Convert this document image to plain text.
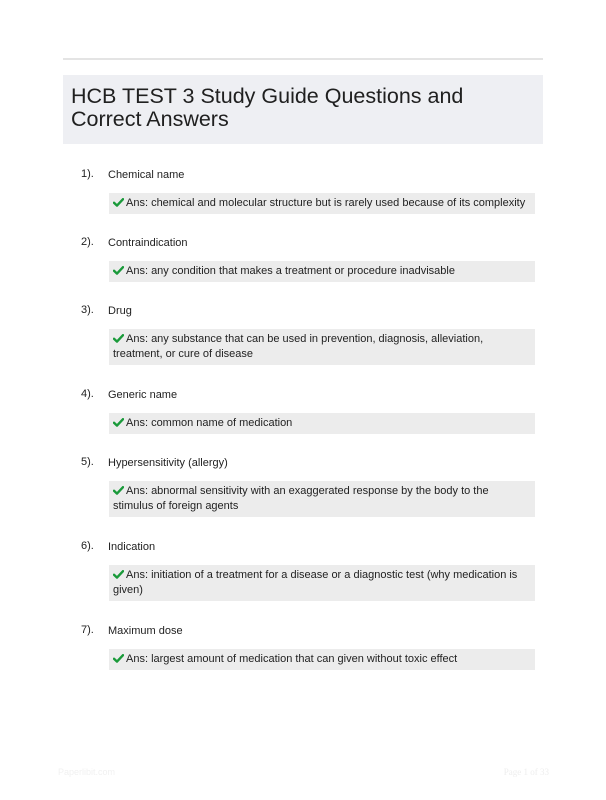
HCB TEST 3 Study Guide Questions and Correct Answers
1). Chemical name
Ans: chemical and molecular structure but is rarely used because of its complexity
2). Contraindication
Ans: any condition that makes a treatment or procedure inadvisable
3). Drug
Ans: any substance that can be used in prevention, diagnosis, alleviation, treatment, or cure of disease
4). Generic name
Ans: common name of medication
5). Hypersensitivity (allergy)
Ans: abnormal sensitivity with an exaggerated response by the body to the stimulus of foreign agents
6). Indication
Ans: initiation of a treatment for a disease or a diagnostic test (why medication is given)
7). Maximum dose
Ans: largest amount of medication that can given without toxic effect
Paperlibit.com	Page 1 of 33
